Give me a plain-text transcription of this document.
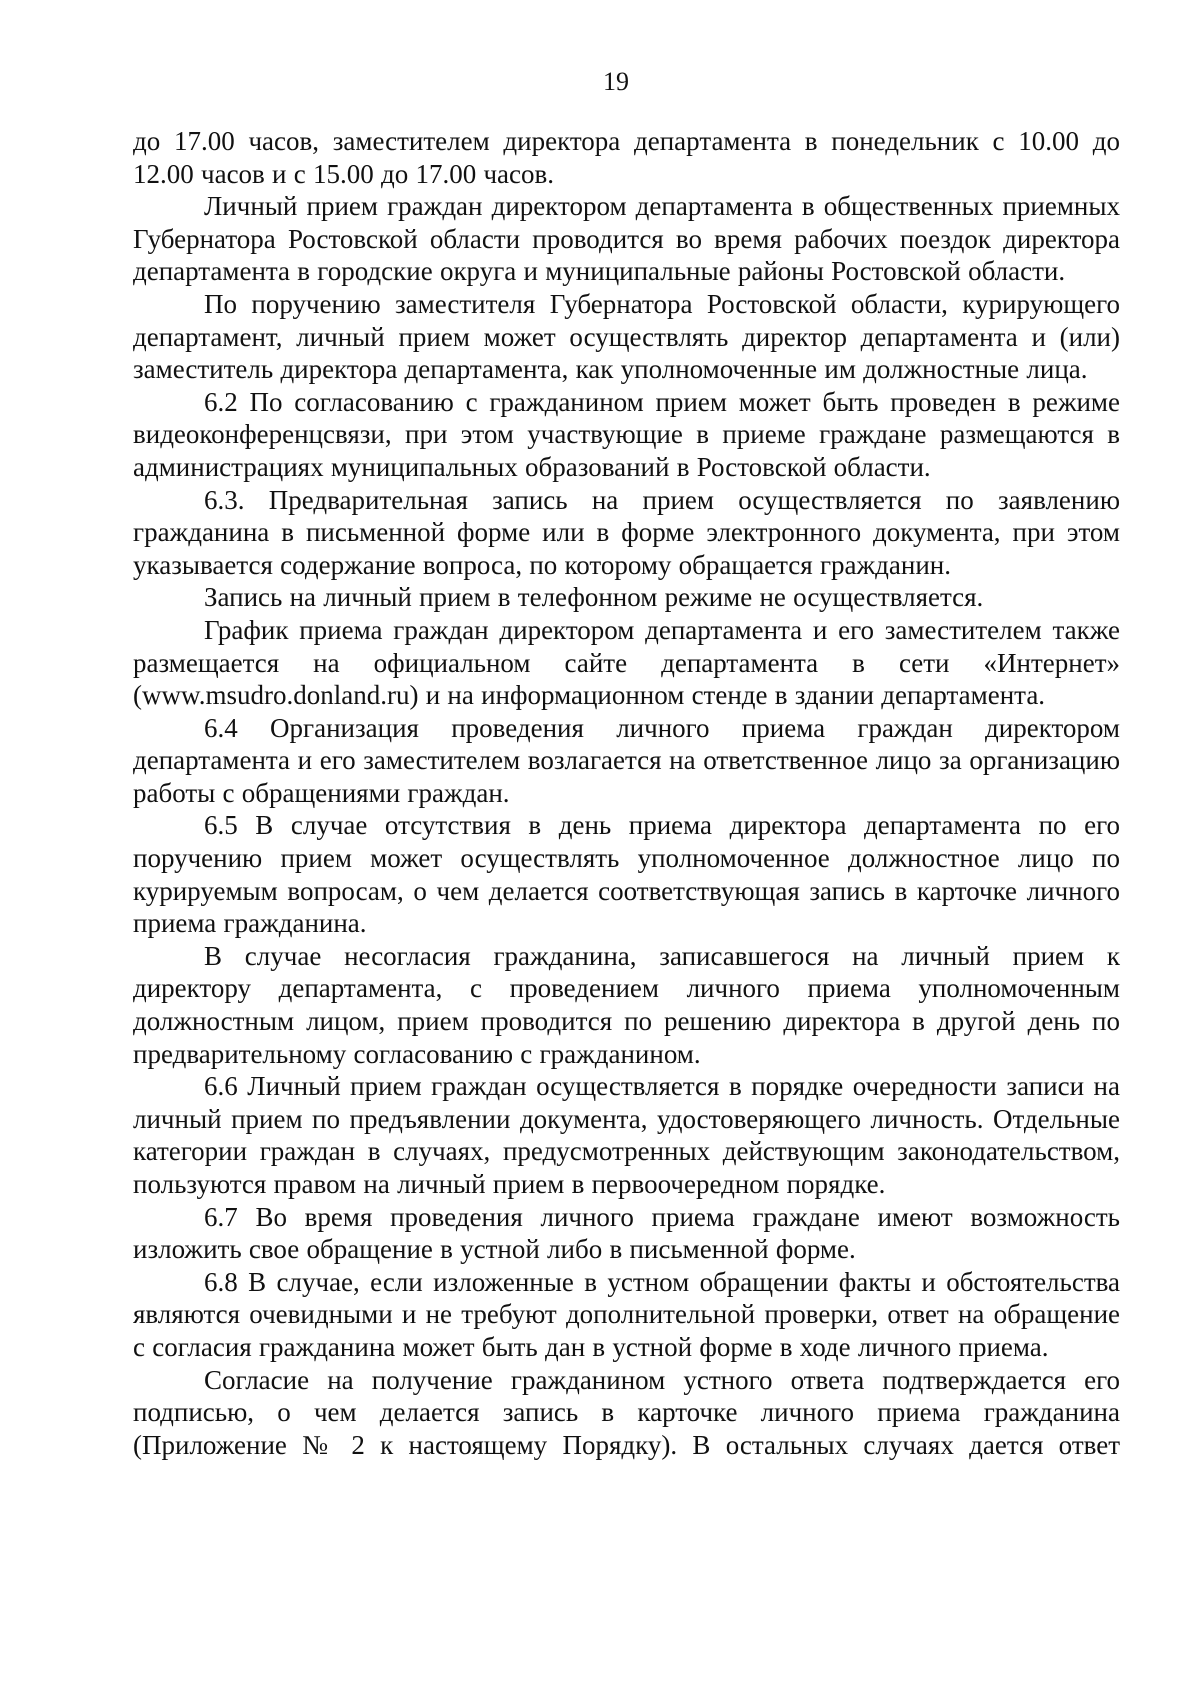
19

до 17.00 часов, заместителем директора департамента в понедельник с 10.00 до 12.00 часов и с 15.00 до 17.00 часов.

Личный прием граждан директором департамента в общественных приемных Губернатора Ростовской области проводится во время рабочих поездок директора департамента в городские округа и муниципальные районы Ростовской области.

По поручению заместителя Губернатора Ростовской области, курирующего департамент, личный прием может осуществлять директор департамента и (или) заместитель директора департамента, как уполномоченные им должностные лица.

6.2 По согласованию с гражданином прием может быть проведен в режиме видеоконференцсвязи, при этом участвующие в приеме граждане размещаются в администрациях муниципальных образований в Ростовской области.

6.3. Предварительная запись на прием осуществляется по заявлению гражданина в письменной форме или в форме электронного документа, при этом указывается содержание вопроса, по которому обращается гражданин.

Запись на личный прием в телефонном режиме не осуществляется.

График приема граждан директором департамента и его заместителем также размещается на официальном сайте департамента в сети «Интернет» (www.msudro.donland.ru) и на информационном стенде в здании департамента.

6.4 Организация проведения личного приема граждан директором департамента и его заместителем возлагается на ответственное лицо за организацию работы с обращениями граждан.

6.5 В случае отсутствия в день приема директора департамента по его поручению прием может осуществлять уполномоченное должностное лицо по курируемым вопросам, о чем делается соответствующая запись в карточке личного приема гражданина.

В случае несогласия гражданина, записавшегося на личный прием к директору департамента, с проведением личного приема уполномоченным должностным лицом, прием проводится по решению директора в другой день по предварительному согласованию с гражданином.

6.6 Личный прием граждан осуществляется в порядке очередности записи на личный прием по предъявлении документа, удостоверяющего личность. Отдельные категории граждан в случаях, предусмотренных действующим законодательством, пользуются правом на личный прием в первоочередном порядке.

6.7 Во время проведения личного приема граждане имеют возможность изложить свое обращение в устной либо в письменной форме.

6.8 В случае, если изложенные в устном обращении факты и обстоятельства являются очевидными и не требуют дополнительной проверки, ответ на обращение с согласия гражданина может быть дан в устной форме в ходе личного приема.

Согласие на получение гражданином устного ответа подтверждается его подписью, о чем делается запись в карточке личного приема гражданина (Приложение № 2 к настоящему Порядку). В остальных случаях дается ответ
